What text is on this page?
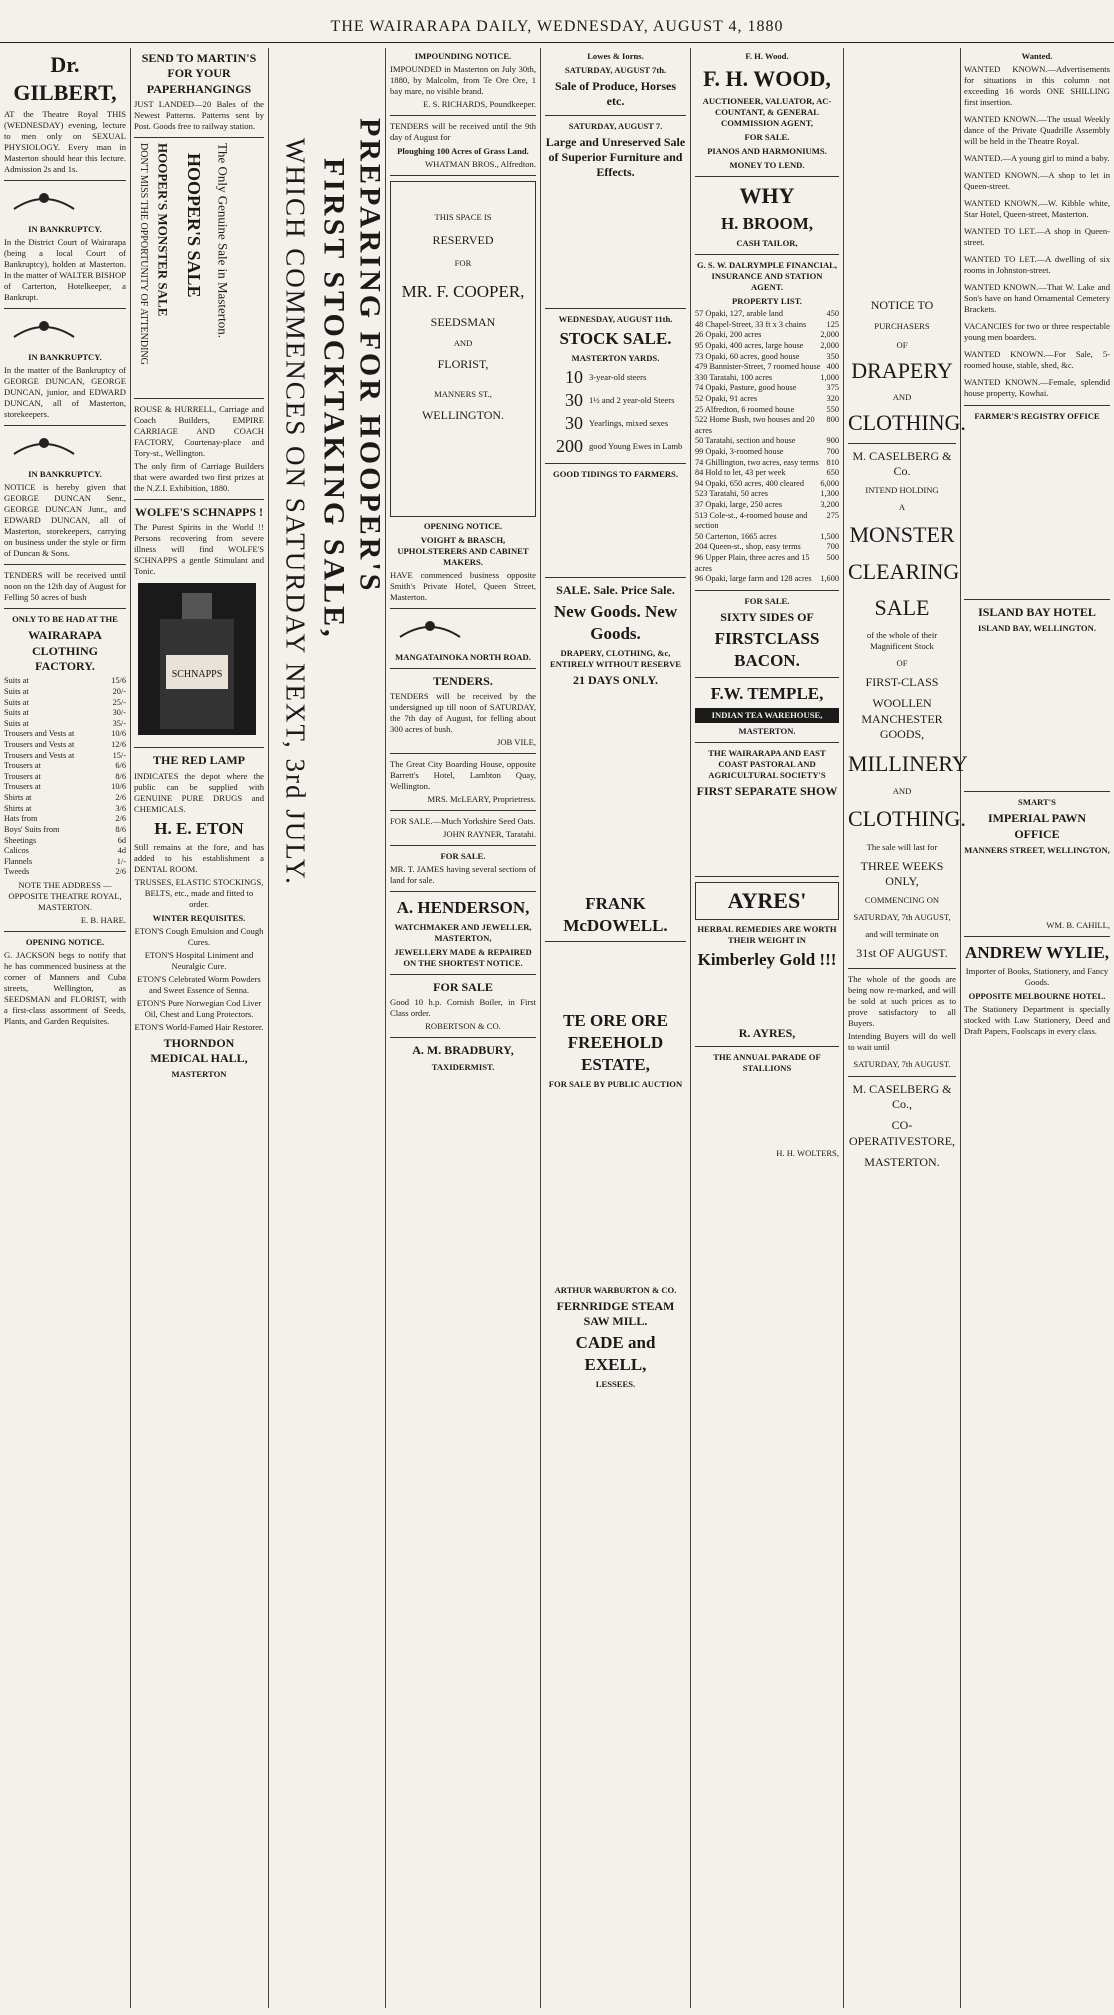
THE WAIRARAPA DAILY, WEDNESDAY, AUGUST 4, 1880
Dr. GILBERT,
AT the Theatre Royal THIS (WEDNESDAY) evening, lecture to men only on SEXUAL PHYSIOLOGY. Every man in Masterton should hear this lecture. Admission 2s and 1s.
IN BANKRUPTCY.
In the District Court of Wairarapa (being a local Court of Bankruptcy), holden at Masterton. In the matter of WALTER BISHOP of Carterton, Hotelkeeper, a Bankrupt.
IN BANKRUPTCY.
In the matter of the Bankruptcy of GEORGE DUNCAN, GEORGE DUNCAN, junior, and EDWARD DUNCAN, all of Masterton, storekeepers.
IN BANKRUPTCY.
NOTICE is hereby given that GEORGE DUNCAN Senr., GEORGE DUNCAN Junr., and EDWARD DUNCAN, all of Masterton, storekeepers, carrying on business under the style or firm of Duncan & Sons.
TENDERS will be received until noon on the 12th day of August for Felling 50 acres of bush
ONLY TO BE HAD AT THE
WAIRARAPA CLOTHING FACTORY.
Suits at	15/6
Suits at	20/-
Suits at	25/-
Suits at	30/-
Suits at	35/-
Trousers and Vests at	10/6
Trousers and Vests at	12/6
Trousers and Vests at	15/-
Trousers at	6/6
Trousers at	8/6
Trousers at	10/6
Shirts at	2/6
Shirts at	3/6
Hats from	2/6
Boys' Suits from	8/6
Sheetings	6d
Calicos	4d
Flannels	1/-
Tweeds	2/6
NOTE THE ADDRESS — OPPOSITE THEATRE ROYAL, MASTERTON.
E. B. HARE.
OPENING NOTICE.
G. JACKSON begs to notify that he has commenced business at the corner of Manners and Cuba streets, Wellington, as SEEDSMAN and FLORIST, with a first-class assortment of Seeds, Plants, and Garden Requisites.
SEND TO MARTIN'S FOR YOUR PAPERHANGINGS
JUST LANDED—20 Bales of the Newest Patterns. Patterns sent by Post. Goods free to railway station.
DON'T MISS THE OPPORTUNITY OF ATTENDING HOOPER'S MONSTER SALE HOOPER'S SALE The Only Genuine Sale in Masterton.
ROUSE & HURRELL, Carriage and Coach Builders, EMPIRE CARRIAGE AND COACH FACTORY, Courtenay-place and Tory-st., Wellington.
The only firm of Carriage Builders that were awarded two first prizes at the N.Z.I. Exhibition, 1880.
WOLFE'S SCHNAPPS !
The Purest Spirits in the World !! Persons recovering from severe illness will find WOLFE'S SCHNAPPS a gentle Stimulant and Tonic.
SCHNAPPS
THE RED LAMP
INDICATES the depot where the public can be supplied with GENUINE PURE DRUGS and CHEMICALS.
H. E. ETON
Still remains at the fore, and has added to his establishment a DENTAL ROOM.
TRUSSES, ELASTIC STOCKINGS, BELTS, etc., made and fitted to order.
WINTER REQUISITES.
ETON'S Cough Emulsion and Cough Cures.
ETON'S Hospital Liniment and Neuralgic Cure.
ETON'S Celebrated Worm Powders and Sweet Essence of Senna.
ETON'S Pure Norwegian Cod Liver Oil, Chest and Lung Protectors.
ETON'S World-Famed Hair Restorer.
THORNDON MEDICAL HALL,
MASTERTON
WHICH COMMENCES ON SATURDAY NEXT, 3rd JULY. FIRST STOCKTAKING SALE, PREPARING FOR HOOPER'S
IMPOUNDING NOTICE.
IMPOUNDED in Masterton on July 30th, 1880, by Malcolm, from Te Ore Ore, 1 bay mare, no visible brand.
E. S. RICHARDS, Poundkeeper.
TENDERS will be received until the 9th day of August for
Ploughing 100 Acres of Grass Land.
WHATMAN BROS., Alfredton.
THIS SPACE IS
RESERVED
FOR
MR. F. COOPER,
SEEDSMAN
AND
FLORIST,
MANNERS ST.,
WELLINGTON.
OPENING NOTICE.
VOIGHT & BRASCH, UPHOLSTERERS AND CABINET MAKERS.
HAVE commenced business opposite Smith's Private Hotel, Queen Street, Masterton.
MANGATAINOKA NORTH ROAD.
TENDERS.
TENDERS will be received by the undersigned up till noon of SATURDAY, the 7th day of August, for felling about 300 acres of bush.
JOB VILE,
The Great City Boarding House, opposite Barrett's Hotel, Lambton Quay, Wellington.
MRS. McLEARY, Proprietress.
FOR SALE.—Much Yorkshire Seed Oats.
JOHN RAYNER, Taratahi.
FOR SALE.
MR. T. JAMES having several sections of land for sale.
A. HENDERSON,
WATCHMAKER AND JEWELLER, MASTERTON,
JEWELLERY MADE & REPAIRED ON THE SHORTEST NOTICE.
FOR SALE
Good 10 h.p. Cornish Boiler, in First Class order.
ROBERTSON & CO.
A. M. BRADBURY,
TAXIDERMIST.
Lowes & Iorns.
SATURDAY, AUGUST 7th.
Sale of Produce, Horses etc.
SATURDAY, AUGUST 7.
Large and Unreserved Sale of Superior Furniture and Effects.
WEDNESDAY, AUGUST 11th.
STOCK SALE.
MASTERTON YARDS.
10 3-year-old steers
30 1½ and 2 year-old Steers
30 Yearlings, mixed sexes
200 good Young Ewes in Lamb
GOOD TIDINGS TO FARMERS.
SALE. Sale. Price Sale.
New Goods. New Goods.
DRAPERY, CLOTHING, &c, ENTIRELY WITHOUT RESERVE
21 DAYS ONLY.
FRANK McDOWELL.
TE ORE ORE FREEHOLD ESTATE,
FOR SALE BY PUBLIC AUCTION
ARTHUR WARBURTON & CO.
FERNRIDGE STEAM SAW MILL.
CADE and EXELL,
LESSEES.
F. H. Wood.
F. H. WOOD,
AUCTIONEER, VALUATOR, AC-COUNTANT, & GENERAL COMMISSION AGENT,
FOR SALE.
PIANOS AND HARMONIUMS.
MONEY TO LEND.
WHY
H. BROOM,
CASH TAILOR,
G. S. W. DALRYMPLE FINANCIAL, INSURANCE AND STATION AGENT.
PROPERTY LIST.
57 Opaki, 127, arable land	450
48 Chapel-Street, 33 ft x 3 chains 125
26 Opaki, 200 acres	2,000
95 Opaki, 400 acres, large house 2,000
73 Opaki, 60 acres, good house	350
479 Bannister-Street, 7 roomed house 400
330 Taratahi, 100 acres	1,000
74 Opaki, Pasture, good house	375
52 Opaki, 91 acres	320
25 Alfredton, 6 roomed house	550
522 Home Bush, two houses and 20 acres
800
50 Taratahi, section and house	900
99 Opaki, 3-roomed house	700
74 Ghillington, two acres, easy terms 810
84 Hold to let, 43 per week	650
94 Opaki, 650 acres, 400 cleared 6,000
523 Taratahi, 50 acres	1,300
37 Opaki, large, 250 acres	3,200
513 Cole-st., 4-roomed house and section
275
50 Carterton, 1665 acres	1,500
204 Queen-st., shop, easy terms	700
96 Upper Plain, three acres and 15 acres
500
96 Opaki, large farm and 128 acres 1,600
FOR SALE.
SIXTY SIDES OF
FIRSTCLASS BACON.
F.W. TEMPLE,
INDIAN TEA WAREHOUSE,
MASTERTON.
THE WAIRARAPA AND EAST COAST PASTORAL AND AGRICULTURAL SOCIETY'S
FIRST SEPARATE SHOW
AYRES'
HERBAL REMEDIES ARE WORTH THEIR WEIGHT IN
Kimberley Gold !!!
R. AYRES,
THE ANNUAL PARADE OF STALLIONS
H. H. WOLTERS,
NOTICE TO
PURCHASERS
OF
DRAPERY
AND
CLOTHING.
M. CASELBERG & Co.
INTEND HOLDING
A
MONSTER
CLEARING
SALE
of the whole of their Magnificent Stock
OF
FIRST-CLASS
WOOLLEN MANCHESTER GOODS,
MILLINERY
AND
CLOTHING.
The sale will last for
THREE WEEKS ONLY,
COMMENCING ON
SATURDAY, 7th AUGUST,
and will terminate on
31st OF AUGUST.
The whole of the goods are being now re-marked, and will be sold at such prices as to prove satisfactory to all Buyers.
Intending Buyers will do well to wait until
SATURDAY, 7th AUGUST.
M. CASELBERG & Co.,
CO-OPERATIVESTORE,
MASTERTON.
Wanted.
WANTED KNOWN.—Advertisements for situations in this column not exceeding 16 words ONE SHILLING first insertion.
WANTED KNOWN.—The usual Weekly dance of the Private Quadrille Assembly will be held in the Theatre Royal.
WANTED.—A young girl to mind a baby.
WANTED KNOWN.—A shop to let in Queen-street.
WANTED KNOWN.—W. Kibble white, Star Hotel, Queen-street, Masterton.
WANTED TO LET.—A shop in Queen-street.
WANTED TO LET.—A dwelling of six rooms in Johnston-street.
WANTED KNOWN.—That W. Lake and Son's have on hand Ornamental Cemetery Brackets.
VACANCIES for two or three respectable young men boarders.
WANTED KNOWN.—For Sale, 5-roomed house, stable, shed, &c.
WANTED KNOWN.—Female, splendid house property, Kowhai.
FARMER'S REGISTRY OFFICE
ISLAND BAY HOTEL
ISLAND BAY, WELLINGTON.
SMART'S
IMPERIAL PAWN OFFICE
MANNERS STREET, WELLINGTON,
WM. B. CAHILL,
ANDREW WYLIE,
Importer of Books, Stationery, and Fancy Goods.
OPPOSITE MELBOURNE HOTEL.
The Stationery Department is specially stocked with Law Stationery, Deed and Draft Papers, Foolscaps in every class.
